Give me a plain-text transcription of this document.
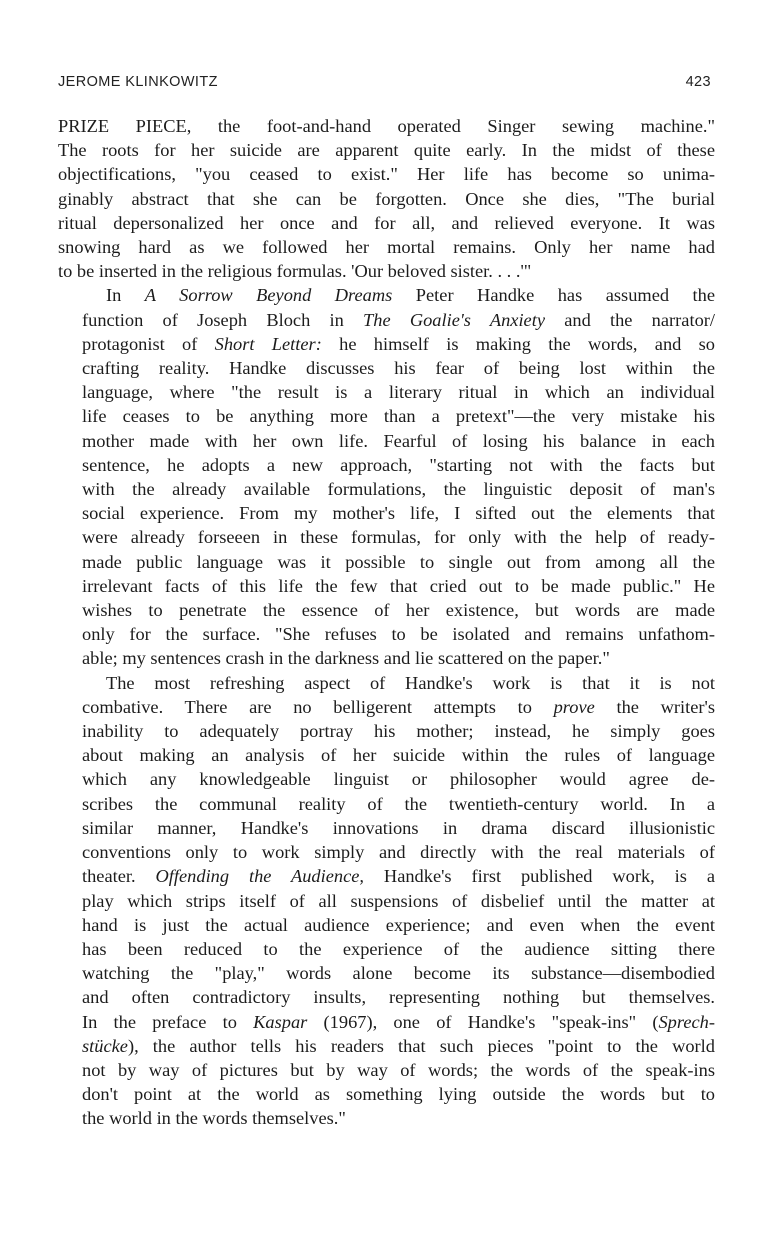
JEROME KLINKOWITZ	423
PRIZE PIECE, the foot-and-hand operated Singer sewing machine."
The roots for her suicide are apparent quite early. In the midst of these
objectifications, "you ceased to exist." Her life has become so unima-
ginably abstract that she can be forgotten. Once she dies, "The burial
ritual depersonalized her once and for all, and relieved everyone. It was
snowing hard as we followed her mortal remains. Only her name had
to be inserted in the religious formulas. 'Our beloved sister. . . .'"
In A Sorrow Beyond Dreams Peter Handke has assumed the
function of Joseph Bloch in The Goalie's Anxiety and the narrator/
protagonist of Short Letter: he himself is making the words, and so
crafting reality. Handke discusses his fear of being lost within the
language, where "the result is a literary ritual in which an individual
life ceases to be anything more than a pretext"—the very mistake his
mother made with her own life. Fearful of losing his balance in each
sentence, he adopts a new approach, "starting not with the facts but
with the already available formulations, the linguistic deposit of man's
social experience. From my mother's life, I sifted out the elements that
were already forseeen in these formulas, for only with the help of ready-
made public language was it possible to single out from among all the
irrelevant facts of this life the few that cried out to be made public." He
wishes to penetrate the essence of her existence, but words are made
only for the surface. "She refuses to be isolated and remains unfathom-
able; my sentences crash in the darkness and lie scattered on the paper."
The most refreshing aspect of Handke's work is that it is not
combative. There are no belligerent attempts to prove the writer's
inability to adequately portray his mother; instead, he simply goes
about making an analysis of her suicide within the rules of language
which any knowledgeable linguist or philosopher would agree de-
scribes the communal reality of the twentieth-century world. In a
similar manner, Handke's innovations in drama discard illusionistic
conventions only to work simply and directly with the real materials of
theater. Offending the Audience, Handke's first published work, is a
play which strips itself of all suspensions of disbelief until the matter at
hand is just the actual audience experience; and even when the event
has been reduced to the experience of the audience sitting there
watching the "play," words alone become its substance—disembodied
and often contradictory insults, representing nothing but themselves.
In the preface to Kaspar (1967), one of Handke's "speak-ins" (Sprech-
stücke), the author tells his readers that such pieces "point to the world
not by way of pictures but by way of words; the words of the speak-ins
don't point at the world as something lying outside the words but to
the world in the words themselves."
